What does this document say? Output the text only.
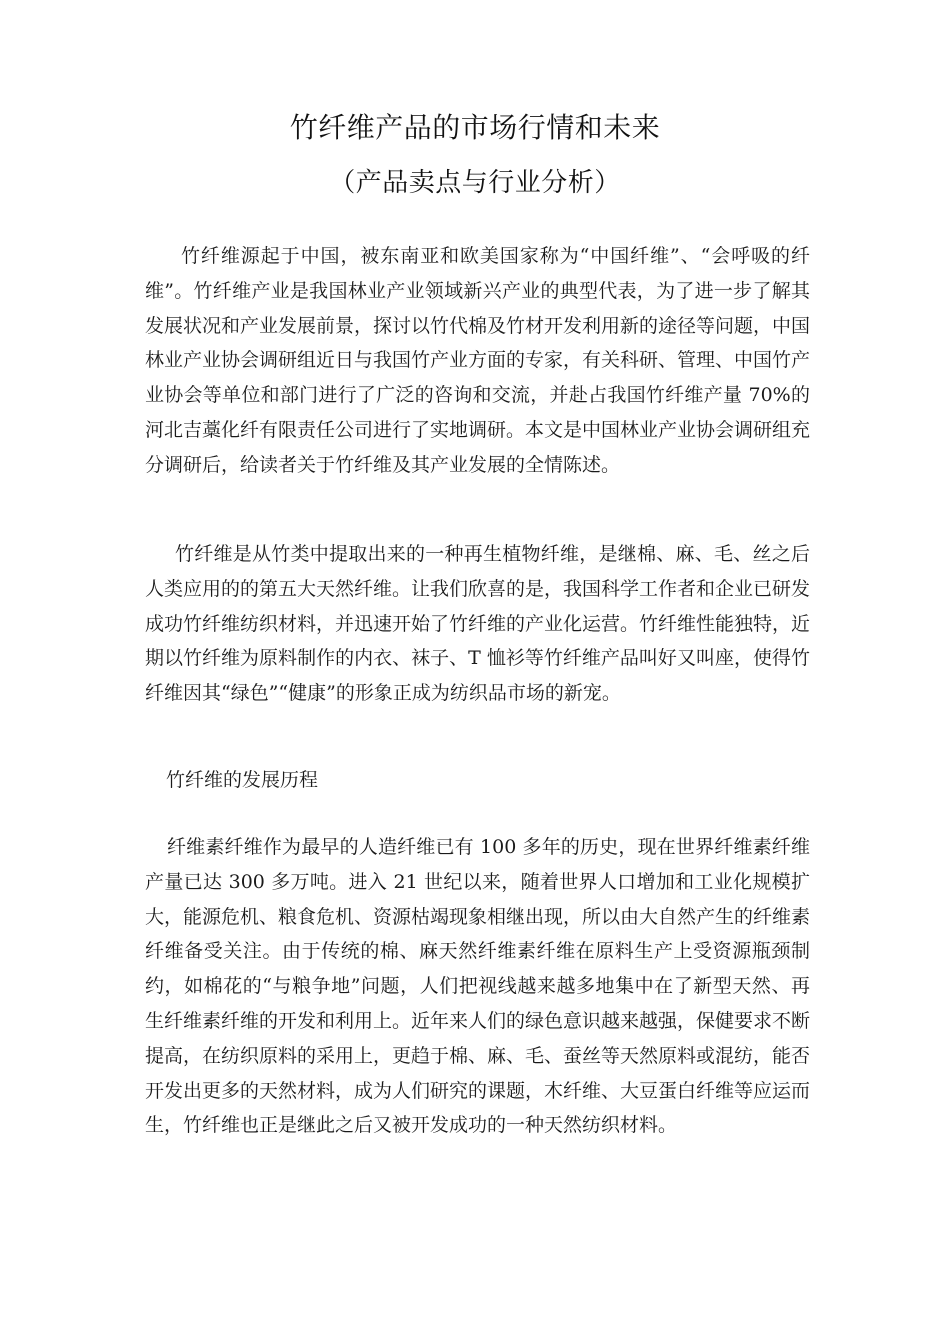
竹纤维产品的市场行情和未来
（产品卖点与行业分析）

竹纤维源起于中国，被东南亚和欧美国家称为“中国纤维”、“会呼吸的纤维”。竹纤维产业是我国林业产业领域新兴产业的典型代表，为了进一步了解其发展状况和产业发展前景，探讨以竹代棉及竹材开发利用新的途径等问题，中国林业产业协会调研组近日与我国竹产业方面的专家，有关科研、管理、中国竹产业协会等单位和部门进行了广泛的咨询和交流，并赴占我国竹纤维产量 70%的河北吉藁化纤有限责任公司进行了实地调研。本文是中国林业产业协会调研组充分调研后，给读者关于竹纤维及其产业发展的全情陈述。

竹纤维是从竹类中提取出来的一种再生植物纤维，是继棉、麻、毛、丝之后人类应用的的第五大天然纤维。让我们欣喜的是，我国科学工作者和企业已研发成功竹纤维纺织材料，并迅速开始了竹纤维的产业化运营。竹纤维性能独特，近期以竹纤维为原料制作的内衣、袜子、T 恤衫等竹纤维产品叫好又叫座，使得竹纤维因其“绿色”“健康”的形象正成为纺织品市场的新宠。

竹纤维的发展历程

纤维素纤维作为最早的人造纤维已有 100 多年的历史，现在世界纤维素纤维产量已达 300 多万吨。进入 21 世纪以来，随着世界人口增加和工业化规模扩大，能源危机、粮食危机、资源枯竭现象相继出现，所以由大自然产生的纤维素纤维备受关注。由于传统的棉、麻天然纤维素纤维在原料生产上受资源瓶颈制约，如棉花的“与粮争地”问题，人们把视线越来越多地集中在了新型天然、再生纤维素纤维的开发和利用上。近年来人们的绿色意识越来越强，保健要求不断提高，在纺织原料的采用上，更趋于棉、麻、毛、蚕丝等天然原料或混纺，能否开发出更多的天然材料，成为人们研究的课题，木纤维、大豆蛋白纤维等应运而生，竹纤维也正是继此之后又被开发成功的一种天然纺织材料。
